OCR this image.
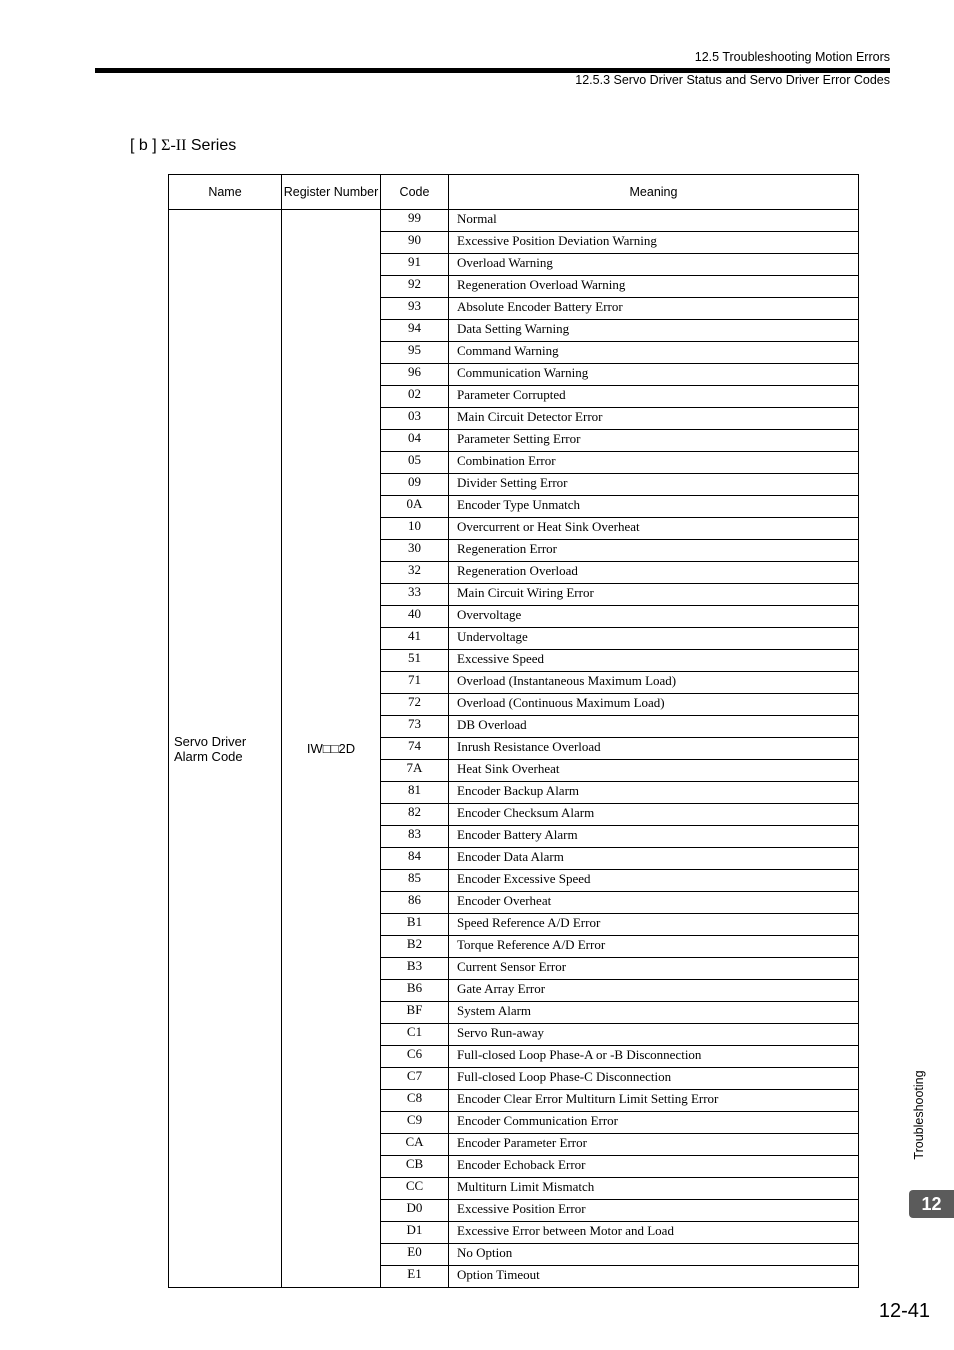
12.5 Troubleshooting Motion Errors
12.5.3 Servo Driver Status and Servo Driver Error Codes
[ b ] Σ-II Series
Name	Register Number	Code	Meaning
Servo Driver Alarm Code	IW□□2D	99	Normal
		90	Excessive Position Deviation Warning
		91	Overload Warning
		92	Regeneration Overload Warning
		93	Absolute Encoder Battery Error
		94	Data Setting Warning
		95	Command Warning
		96	Communication Warning
		02	Parameter Corrupted
		03	Main Circuit Detector Error
		04	Parameter Setting Error
		05	Combination Error
		09	Divider Setting Error
		0A	Encoder Type Unmatch
		10	Overcurrent or Heat Sink Overheat
		30	Regeneration Error
		32	Regeneration Overload
		33	Main Circuit Wiring Error
		40	Overvoltage
		41	Undervoltage
		51	Excessive Speed
		71	Overload (Instantaneous Maximum Load)
		72	Overload (Continuous Maximum Load)
		73	DB Overload
		74	Inrush Resistance Overload
		7A	Heat Sink Overheat
		81	Encoder Backup Alarm
		82	Encoder Checksum Alarm
		83	Encoder Battery Alarm
		84	Encoder Data Alarm
		85	Encoder Excessive Speed
		86	Encoder Overheat
		B1	Speed Reference A/D Error
		B2	Torque Reference A/D Error
		B3	Current Sensor Error
		B6	Gate Array Error
		BF	System Alarm
		C1	Servo Run-away
		C6	Full-closed Loop Phase-A or -B Disconnection
		C7	Full-closed Loop Phase-C Disconnection
		C8	Encoder Clear Error Multiturn Limit Setting Error
		C9	Encoder Communication Error
		CA	Encoder Parameter Error
		CB	Encoder Echoback Error
		CC	Multiturn Limit Mismatch
		D0	Excessive Position Error
		D1	Excessive Error between Motor and Load
		E0	No Option
		E1	Option Timeout
Troubleshooting
12
12-41
